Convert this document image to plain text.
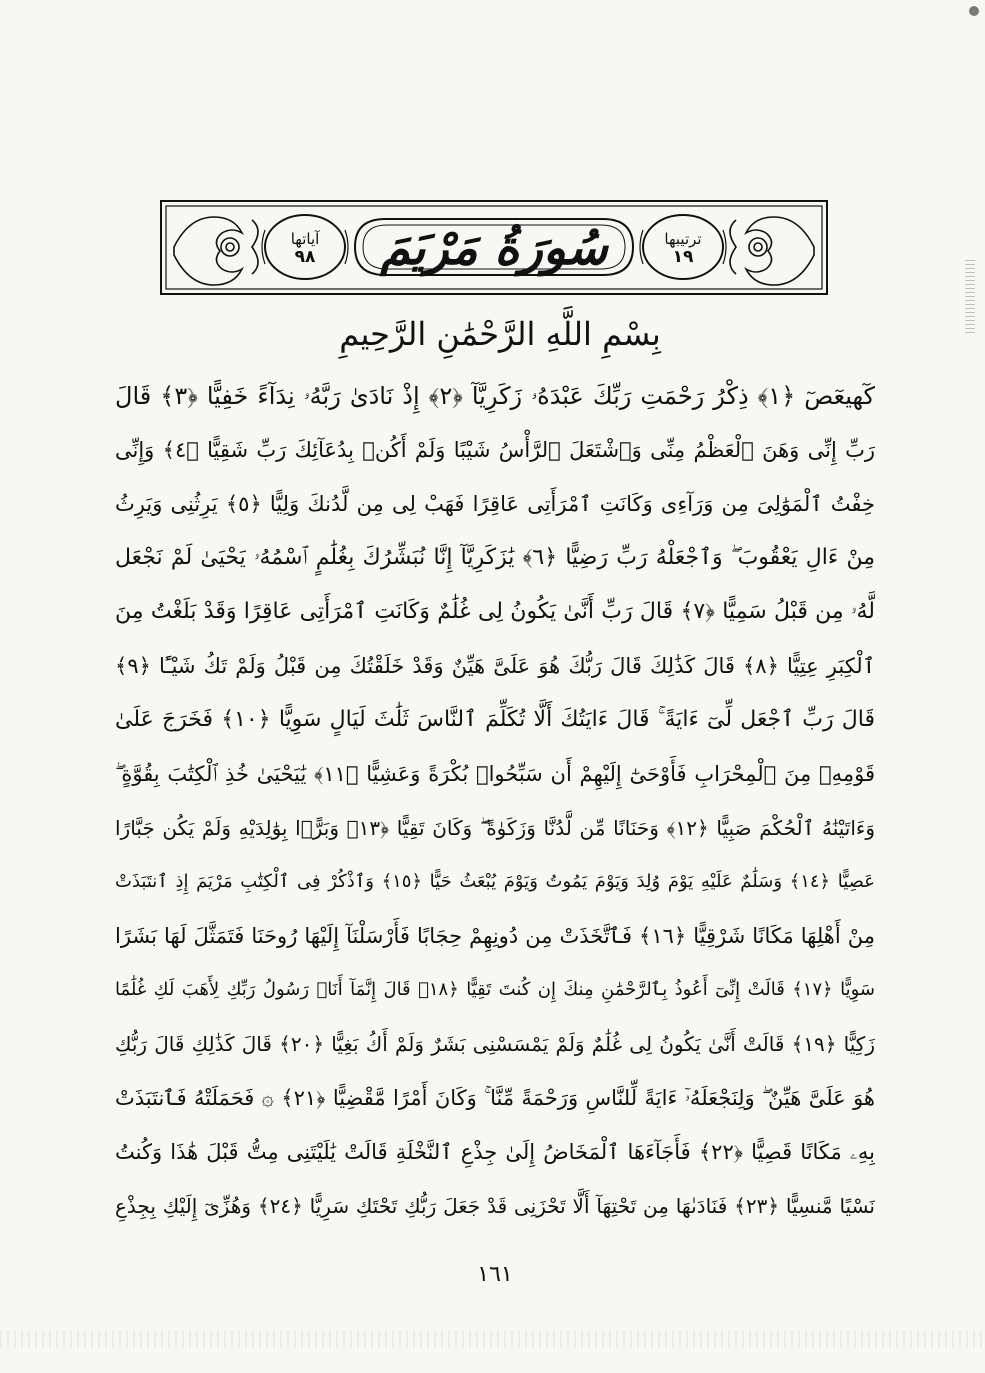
سُورَةُ مَرْيَمَ	ترتيبها
١٩
آياتها
٩٨
بِسْمِ اللَّهِ الرَّحْمَٰنِ الرَّحِيمِ
كٓهيعٓصٓ ﴿١﴾ ذِكْرُ رَحْمَتِ رَبِّكَ عَبْدَهُۥ زَكَرِيَّآ ﴿٢﴾ إِذْ نَادَىٰ رَبَّهُۥ نِدَآءً خَفِيًّا ﴿٣﴾ قَالَ
رَبِّ إِنِّى وَهَنَ ٱلْعَظْمُ مِنِّى وَٱشْتَعَلَ ٱلرَّأْسُ شَيْبًا وَلَمْ أَكُنۢ بِدُعَآئِكَ رَبِّ شَقِيًّا ﴿٤﴾ وَإِنِّى
خِفْتُ ٱلْمَوَٰلِىَ مِن وَرَآءِى وَكَانَتِ ٱمْرَأَتِى عَاقِرًا فَهَبْ لِى مِن لَّدُنكَ وَلِيًّا ﴿٥﴾ يَرِثُنِى وَيَرِثُ
مِنْ ءَالِ يَعْقُوبَ ۖ وَٱجْعَلْهُ رَبِّ رَضِيًّا ﴿٦﴾ يَٰزَكَرِيَّآ إِنَّا نُبَشِّرُكَ بِغُلَٰمٍ ٱسْمُهُۥ يَحْيَىٰ لَمْ نَجْعَل
لَّهُۥ مِن قَبْلُ سَمِيًّا ﴿٧﴾ قَالَ رَبِّ أَنَّىٰ يَكُونُ لِى غُلَٰمٌ وَكَانَتِ ٱمْرَأَتِى عَاقِرًا وَقَدْ بَلَغْتُ مِنَ
ٱلْكِبَرِ عِتِيًّا ﴿٨﴾ قَالَ كَذَٰلِكَ قَالَ رَبُّكَ هُوَ عَلَىَّ هَيِّنٌ وَقَدْ خَلَقْتُكَ مِن قَبْلُ وَلَمْ تَكُ شَيْـًٔا ﴿٩﴾
قَالَ رَبِّ ٱجْعَل لِّىٓ ءَايَةً ۚ قَالَ ءَايَتُكَ أَلَّا تُكَلِّمَ ٱلنَّاسَ ثَلَٰثَ لَيَالٍ سَوِيًّا ﴿١٠﴾ فَخَرَجَ عَلَىٰ
قَوْمِهِۦ مِنَ ٱلْمِحْرَابِ فَأَوْحَىٰٓ إِلَيْهِمْ أَن سَبِّحُوا۟ بُكْرَةً وَعَشِيًّا ﴿١١﴾ يَٰيَحْيَىٰ خُذِ ٱلْكِتَٰبَ بِقُوَّةٍ ۖ
وَءَاتَيْنَٰهُ ٱلْحُكْمَ صَبِيًّا ﴿١٢﴾ وَحَنَانًا مِّن لَّدُنَّا وَزَكَوٰةً ۖ وَكَانَ تَقِيًّا ﴿١٣﴾ وَبَرًّۢا بِوَٰلِدَيْهِ وَلَمْ يَكُن جَبَّارًا
عَصِيًّا ﴿١٤﴾ وَسَلَٰمٌ عَلَيْهِ يَوْمَ وُلِدَ وَيَوْمَ يَمُوتُ وَيَوْمَ يُبْعَثُ حَيًّا ﴿١٥﴾ وَٱذْكُرْ فِى ٱلْكِتَٰبِ مَرْيَمَ إِذِ ٱنتَبَذَتْ
مِنْ أَهْلِهَا مَكَانًا شَرْقِيًّا ﴿١٦﴾ فَٱتَّخَذَتْ مِن دُونِهِمْ حِجَابًا فَأَرْسَلْنَآ إِلَيْهَا رُوحَنَا فَتَمَثَّلَ لَهَا بَشَرًا
سَوِيًّا ﴿١٧﴾ قَالَتْ إِنِّىٓ أَعُوذُ بِٱلرَّحْمَٰنِ مِنكَ إِن كُنتَ تَقِيًّا ﴿١٨﴾ قَالَ إِنَّمَآ أَنَا۠ رَسُولُ رَبِّكِ لِأَهَبَ لَكِ غُلَٰمًا
زَكِيًّا ﴿١٩﴾ قَالَتْ أَنَّىٰ يَكُونُ لِى غُلَٰمٌ وَلَمْ يَمْسَسْنِى بَشَرٌ وَلَمْ أَكُ بَغِيًّا ﴿٢٠﴾ قَالَ كَذَٰلِكِ قَالَ رَبُّكِ
هُوَ عَلَىَّ هَيِّنٌ ۖ وَلِنَجْعَلَهُۥٓ ءَايَةً لِّلنَّاسِ وَرَحْمَةً مِّنَّا ۚ وَكَانَ أَمْرًا مَّقْضِيًّا ﴿٢١﴾ ۞ فَحَمَلَتْهُ فَٱنتَبَذَتْ
بِهِۦ مَكَانًا قَصِيًّا ﴿٢٢﴾ فَأَجَآءَهَا ٱلْمَخَاضُ إِلَىٰ جِذْعِ ٱلنَّخْلَةِ قَالَتْ يَٰلَيْتَنِى مِتُّ قَبْلَ هَٰذَا وَكُنتُ
نَسْيًا مَّنسِيًّا ﴿٢٣﴾ فَنَادَىٰهَا مِن تَحْتِهَآ أَلَّا تَحْزَنِى قَدْ جَعَلَ رَبُّكِ تَحْتَكِ سَرِيًّا ﴿٢٤﴾ وَهُزِّىٓ إِلَيْكِ بِجِذْعِ
١٦١
